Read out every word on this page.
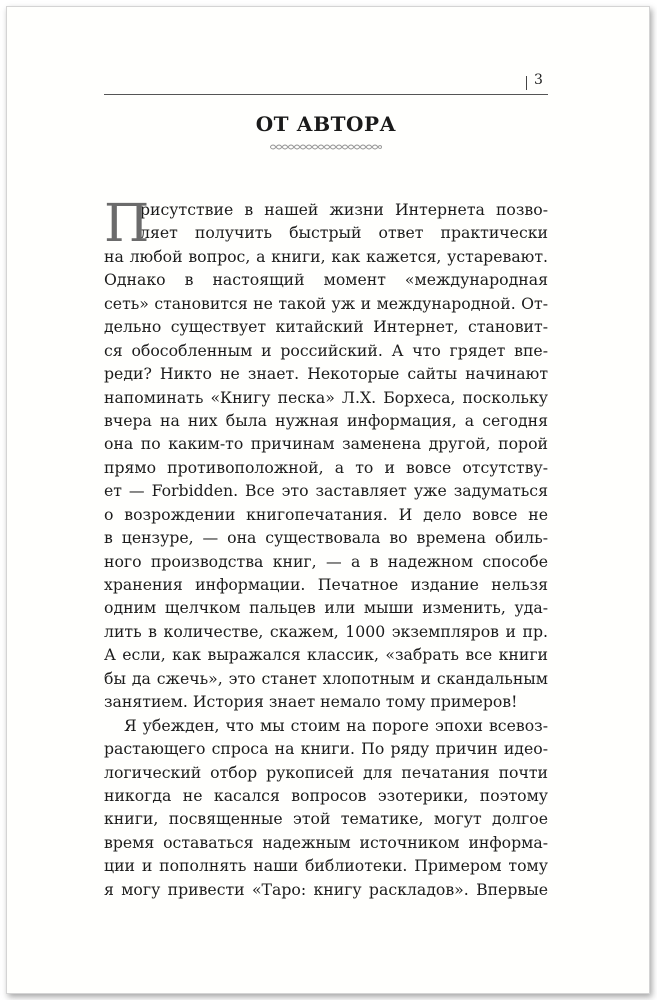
3
ОТ АВТОРА
П
рисутствие в нашей жизни Интернета позво-
ляет получить быстрый ответ практически
на любой вопрос, а книги, как кажется, устаревают.
Однако в настоящий момент «международная
сеть» становится не такой уж и международной. От-
дельно существует китайский Интернет, становит-
ся обособленным и российский. А что грядет впе-
реди? Никто не знает. Некоторые сайты начинают
напоминать «Книгу песка» Л.Х. Борхеса, поскольку
вчера на них была нужная информация, а сегодня
она по каким-то причинам заменена другой, порой
прямо противоположной, а то и вовсе отсутству-
ет — Forbidden. Все это заставляет уже задуматься
о возрождении книгопечатания. И дело вовсе не
в цензуре, — она существовала во времена обиль-
ного производства книг, — а в надежном способе
хранения информации. Печатное издание нельзя
одним щелчком пальцев или мыши изменить, уда-
лить в количестве, скажем, 1000 экземпляров и пр.
А если, как выражался классик, «забрать все книги
бы да сжечь», это станет хлопотным и скандальным
занятием. История знает немало тому примеров!
Я убежден, что мы стоим на пороге эпохи всевоз-
растающего спроса на книги. По ряду причин идео-
логический отбор рукописей для печатания почти
никогда не касался вопросов эзотерики, поэтому
книги, посвященные этой тематике, могут долгое
время оставаться надежным источником информа-
ции и пополнять наши библиотеки. Примером тому
я могу привести «Таро: книгу раскладов». Впервые
